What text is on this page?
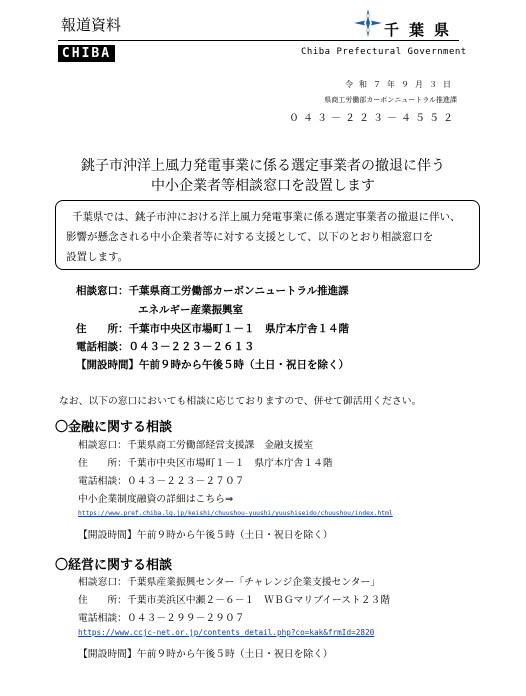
報道資料	千葉県
CHIBA	Chiba Prefectural Government
令和７年９月３日
県商工労働部カーボンニュートラル推進課
０４３－２２３－４５５２
銚子市沖洋上風力発電事業に係る選定事業者の撤退に伴う
中小企業者等相談窓口を設置します
千葉県では、銚子市沖における洋上風力発電事業に係る選定事業者の撤退に伴い、
影響が懸念される中小企業者等に対する支援として、以下のとおり相談窓口を
設置します。
相談窓口：千葉県商工労働部カーボンニュートラル推進課
エネルギー産業振興室
住　　所：千葉市中央区市場町１－１　県庁本庁舎１４階
電話相談：０４３－２２３－２６１３
【開設時間】午前９時から午後５時（土日・祝日を除く）
なお、以下の窓口においても相談に応じておりますので、併せて御活用ください。
〇金融に関する相談
相談窓口：千葉県商工労働部経営支援課　金融支援室
住　　所：千葉市中央区市場町１－１　県庁本庁舎１４階
電話相談：０４３－２２３－２７０７
中小企業制度融資の詳細はこちら⇒
https://www.pref.chiba.lg.jp/keishi/chuushou-yuushi/yuushiseido/chuushou/index.html
【開設時間】午前９時から午後５時（土日・祝日を除く）
〇経営に関する相談
相談窓口：千葉県産業振興センター「チャレンジ企業支援センター」
住　　所：千葉市美浜区中瀬２－６－１　ＷＢＧマリブイースト２３階
電話相談：０４３－２９９－２９０７
https://www.ccjc-net.or.jp/contents_detail.php?co=kak&frmId=2820
【開設時間】午前９時から午後５時（土日・祝日を除く）
